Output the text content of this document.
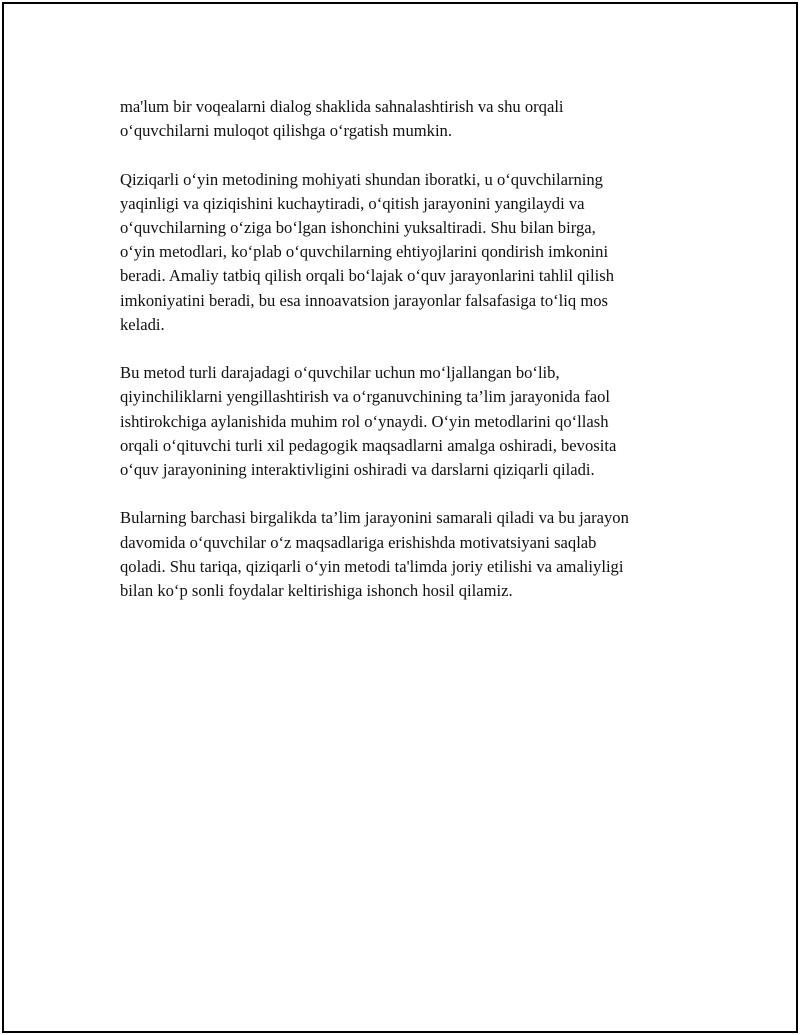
ma'lum bir voqealarni dialog shaklida sahnalashtirish va shu orqali
o‘quvchilarni muloqot qilishga o‘rgatish mumkin.

Qiziqarli o‘yin metodining mohiyati shundan iboratki, u o‘quvchilarning
yaqinligi va qiziqishini kuchaytiradi, o‘qitish jarayonini yangilaydi va
o‘quvchilarning o‘ziga bo‘lgan ishonchini yuksaltiradi. Shu bilan birga,
o‘yin metodlari, ko‘plab o‘quvchilarning ehtiyojlarini qondirish imkonini
beradi. Amaliy tatbiq qilish orqali bo‘lajak o‘quv jarayonlarini tahlil qilish
imkoniyatini beradi, bu esa innoavatsion jarayonlar falsafasiga to‘liq mos
keladi.

Bu metod turli darajadagi o‘quvchilar uchun mo‘ljallangan bo‘lib,
qiyinchiliklarni yengillashtirish va o‘rganuvchining ta’lim jarayonida faol
ishtirokchiga aylanishida muhim rol o‘ynaydi. O‘yin metodlarini qo‘llash
orqali o‘qituvchi turli xil pedagogik maqsadlarni amalga oshiradi, bevosita
o‘quv jarayonining interaktivligini oshiradi va darslarni qiziqarli qiladi.

Bularning barchasi birgalikda ta’lim jarayonini samarali qiladi va bu jarayon
davomida o‘quvchilar o‘z maqsadlariga erishishda motivatsiyani saqlab
qoladi. Shu tariqa, qiziqarli o‘yin metodi ta'limda joriy etilishi va amaliyligi
bilan ko‘p sonli foydalar keltirishiga ishonch hosil qilamiz.
